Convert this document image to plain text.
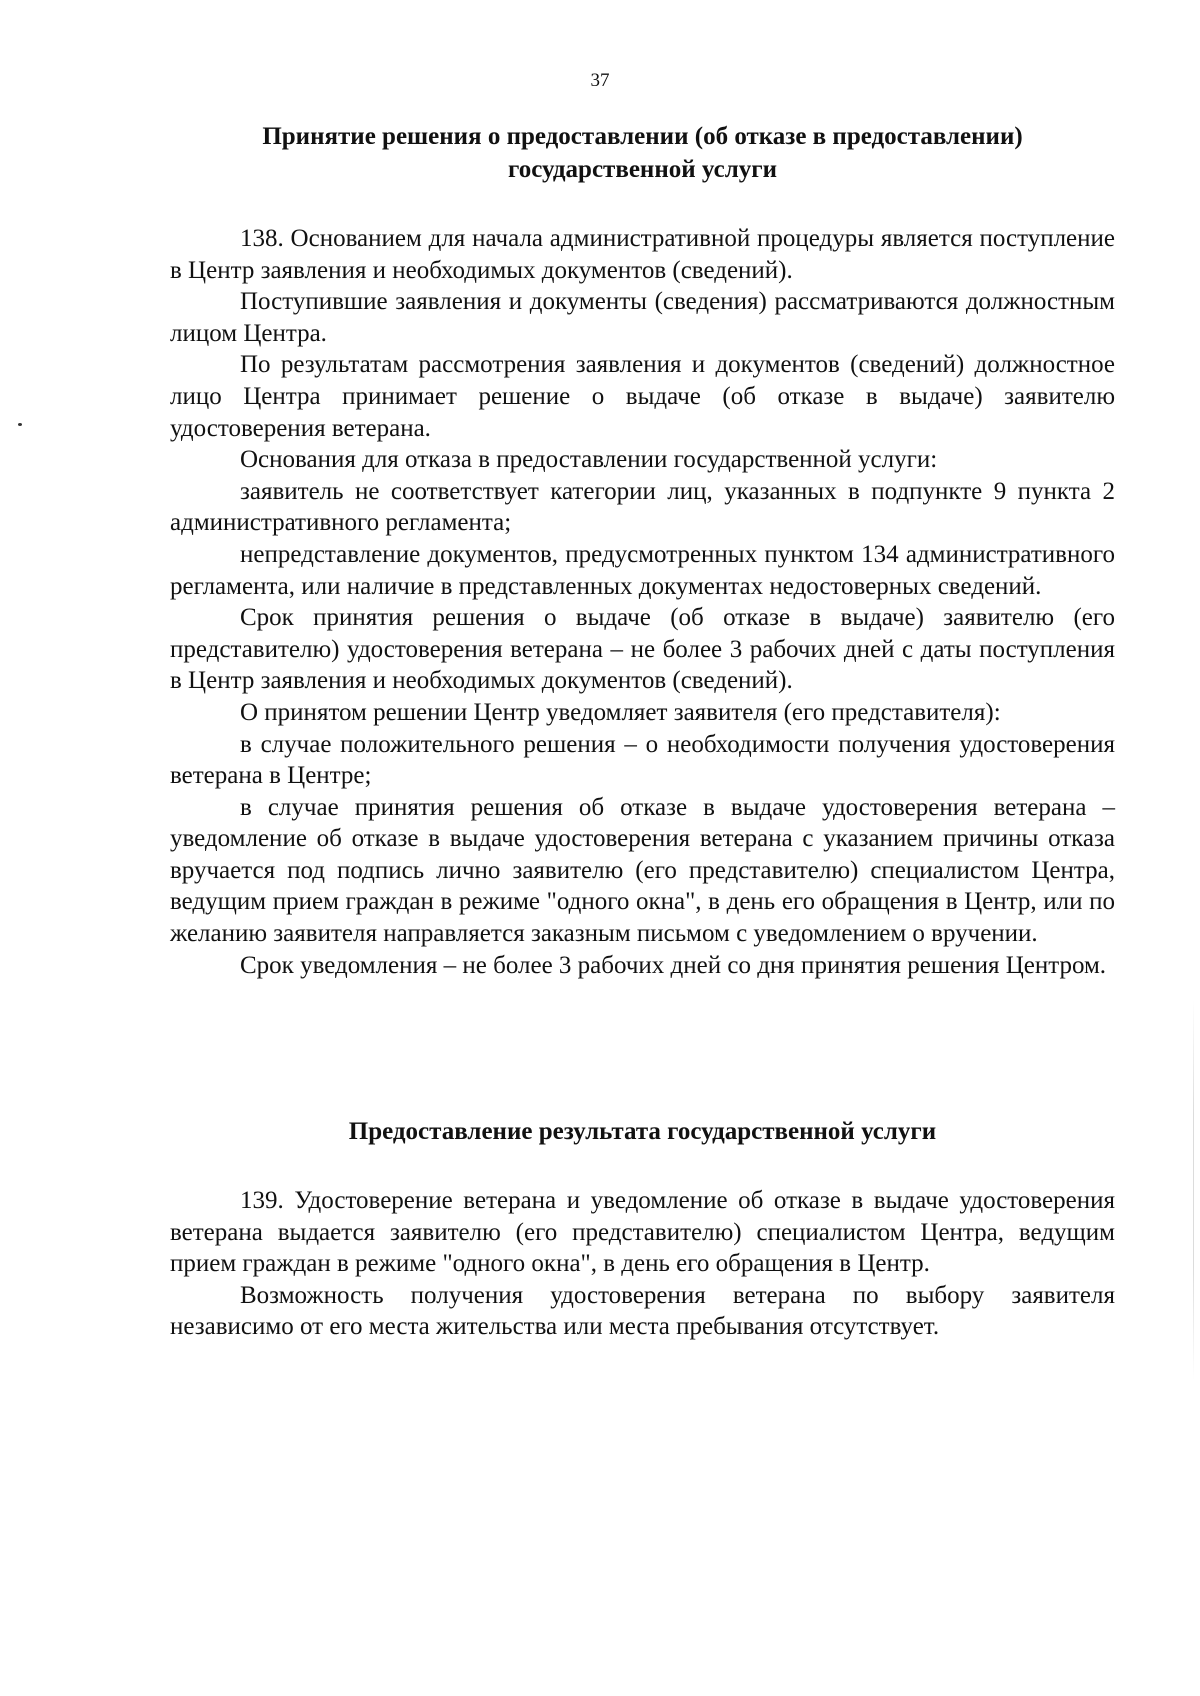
37
Принятие решения о предоставлении (об отказе в предоставлении)
государственной услуги

138. Основанием для начала административной процедуры является поступление в Центр заявления и необходимых документов (сведений).

Поступившие заявления и документы (сведения) рассматриваются должностным лицом Центра.

По результатам рассмотрения заявления и документов (сведений) должностное лицо Центра принимает решение о выдаче (об отказе в выдаче) заявителю удостоверения ветерана.

Основания для отказа в предоставлении государственной услуги:

заявитель не соответствует категории лиц, указанных в подпункте 9 пункта 2 административного регламента;

непредставление документов, предусмотренных пунктом 134 административного регламента, или наличие в представленных документах недостоверных сведений.

Срок принятия решения о выдаче (об отказе в выдаче) заявителю (его представителю) удостоверения ветерана – не более 3 рабочих дней с даты поступления в Центр заявления и необходимых документов (сведений).

О принятом решении Центр уведомляет заявителя (его представителя):

в случае положительного решения – о необходимости получения удостоверения ветерана в Центре;

в случае принятия решения об отказе в выдаче удостоверения ветерана – уведомление об отказе в выдаче удостоверения ветерана с указанием причины отказа вручается под подпись лично заявителю (его представителю) специалистом Центра, ведущим прием граждан в режиме "одного окна", в день его обращения в Центр, или по желанию заявителя направляется заказным письмом с уведомлением о вручении.

Срок уведомления – не более 3 рабочих дней со дня принятия решения Центром.

Предоставление результата государственной услуги

139. Удостоверение ветерана и уведомление об отказе в выдаче удостоверения ветерана выдается заявителю (его представителю) специалистом Центра, ведущим прием граждан в режиме "одного окна", в день его обращения в Центр.

Возможность получения удостоверения ветерана по выбору заявителя независимо от его места жительства или места пребывания отсутствует.
